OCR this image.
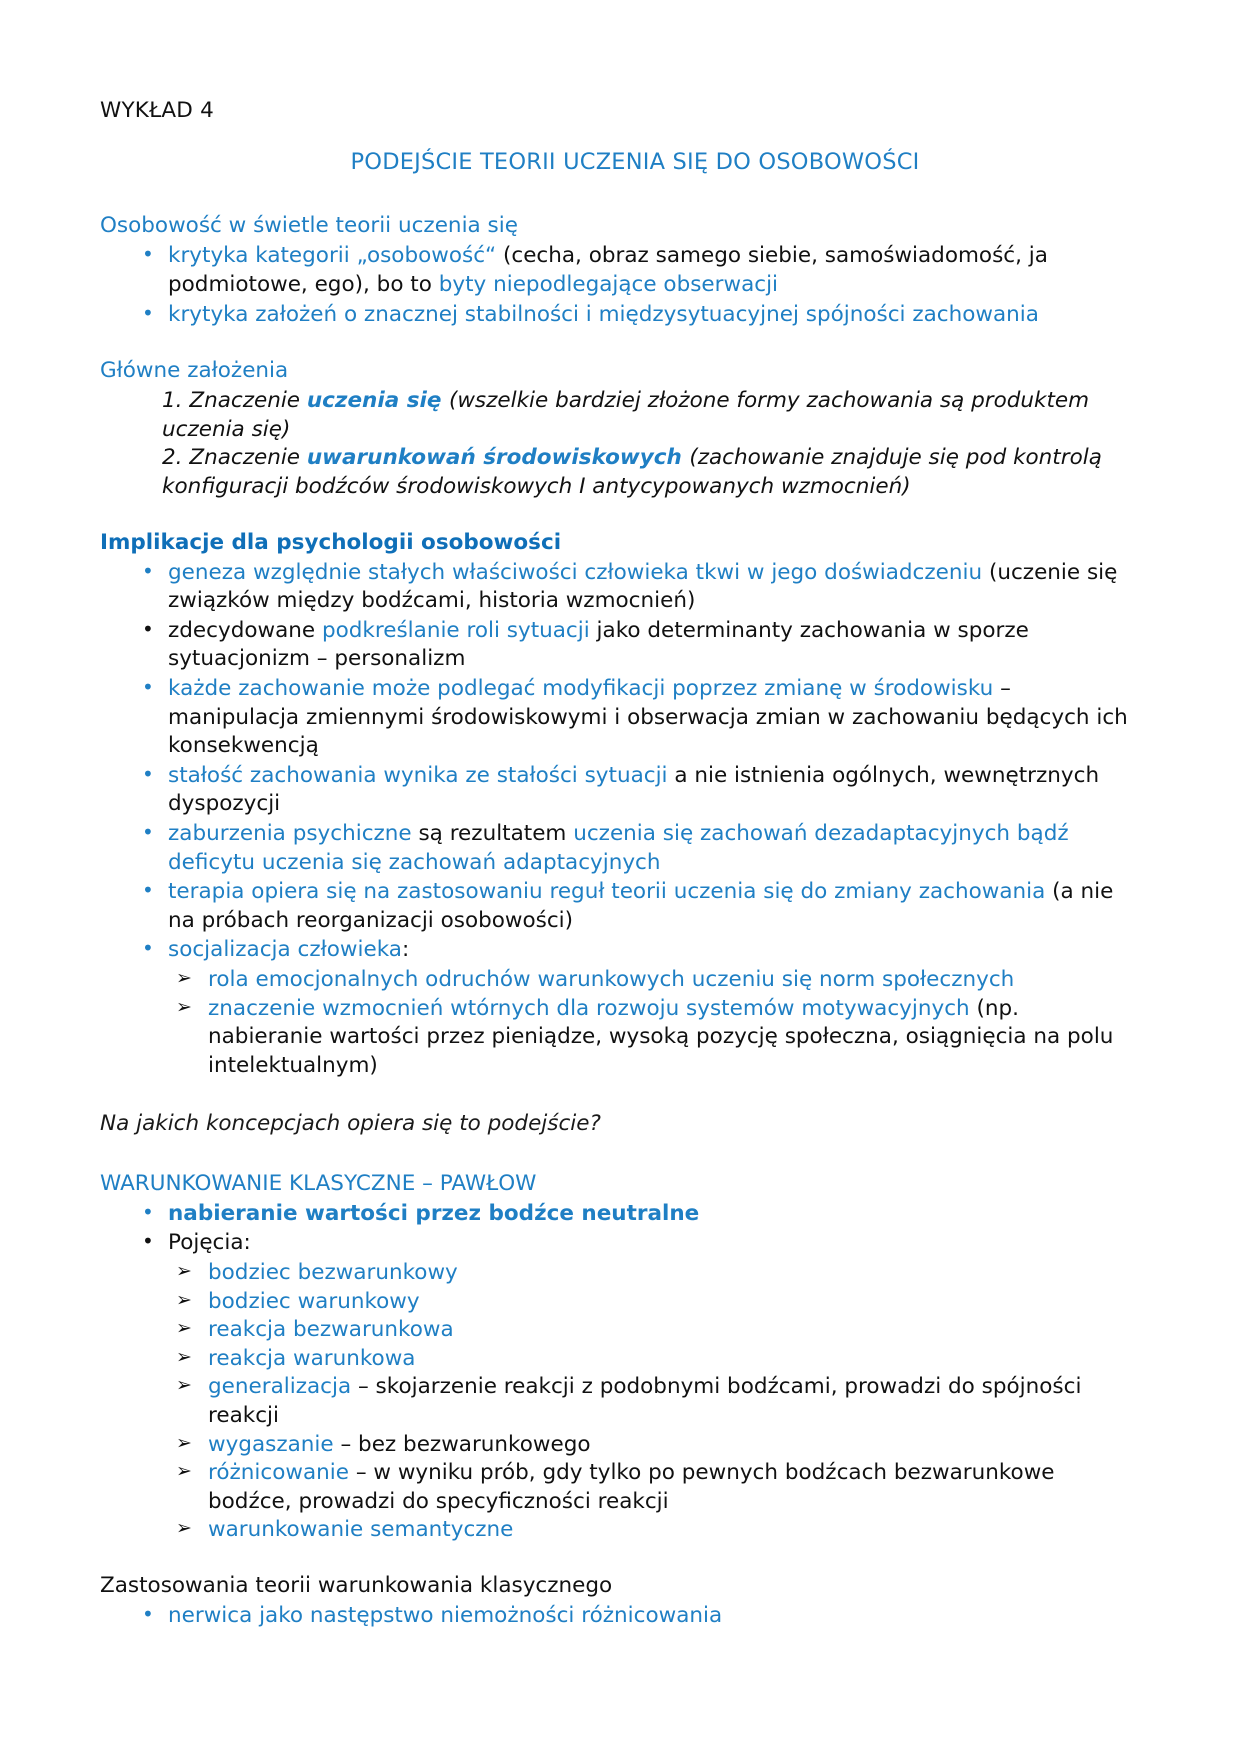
WYKŁAD 4
PODEJŚCIE TEORII UCZENIA SIĘ DO OSOBOWOŚCI
Osobowość w świetle teorii uczenia się
• krytyka kategorii „osobowość“ (cecha, obraz samego siebie, samoświadomość, ja podmiotowe, ego), bo to byty niepodlegające obserwacji
• krytyka założeń o znacznej stabilności i międzysytuacyjnej spójności zachowania
Główne założenia
1. Znaczenie uczenia się (wszelkie bardziej złożone formy zachowania są produktem uczenia się)
2. Znaczenie uwarunkowań środowiskowych (zachowanie znajduje się pod kontrolą konfiguracji bodźców środowiskowych I antycypowanych wzmocnień)
Implikacje dla psychologii osobowości
• geneza względnie stałych właściwości człowieka tkwi w jego doświadczeniu (uczenie się związków między bodźcami, historia wzmocnień)
• zdecydowane podkreślanie roli sytuacji jako determinanty zachowania w sporze sytuacjonizm – personalizm
• każde zachowanie może podlegać modyfikacji poprzez zmianę w środowisku – manipulacja zmiennymi środowiskowymi i obserwacja zmian w zachowaniu będących ich konsekwencją
• stałość zachowania wynika ze stałości sytuacji a nie istnienia ogólnych, wewnętrznych dyspozycji
• zaburzenia psychiczne są rezultatem uczenia się zachowań dezadaptacyjnych bądź deficytu uczenia się zachowań adaptacyjnych
• terapia opiera się na zastosowaniu reguł teorii uczenia się do zmiany zachowania (a nie na próbach reorganizacji osobowości)
• socjalizacja człowieka:
➢ rola emocjonalnych odruchów warunkowych uczeniu się norm społecznych
➢ znaczenie wzmocnień wtórnych dla rozwoju systemów motywacyjnych (np. nabieranie wartości przez pieniądze, wysoką pozycję społeczna, osiągnięcia na polu intelektualnym)
Na jakich koncepcjach opiera się to podejście?
WARUNKOWANIE KLASYCZNE – PAWŁOW
• nabieranie wartości przez bodźce neutralne
• Pojęcia:
➢ bodziec bezwarunkowy
➢ bodziec warunkowy
➢ reakcja bezwarunkowa
➢ reakcja warunkowa
➢ generalizacja – skojarzenie reakcji z podobnymi bodźcami, prowadzi do spójności reakcji
➢ wygaszanie – bez bezwarunkowego
➢ różnicowanie – w wyniku prób, gdy tylko po pewnych bodźcach bezwarunkowe bodźce, prowadzi do specyficzności reakcji
➢ warunkowanie semantyczne
Zastosowania teorii warunkowania klasycznego
• nerwica jako następstwo niemożności różnicowania
